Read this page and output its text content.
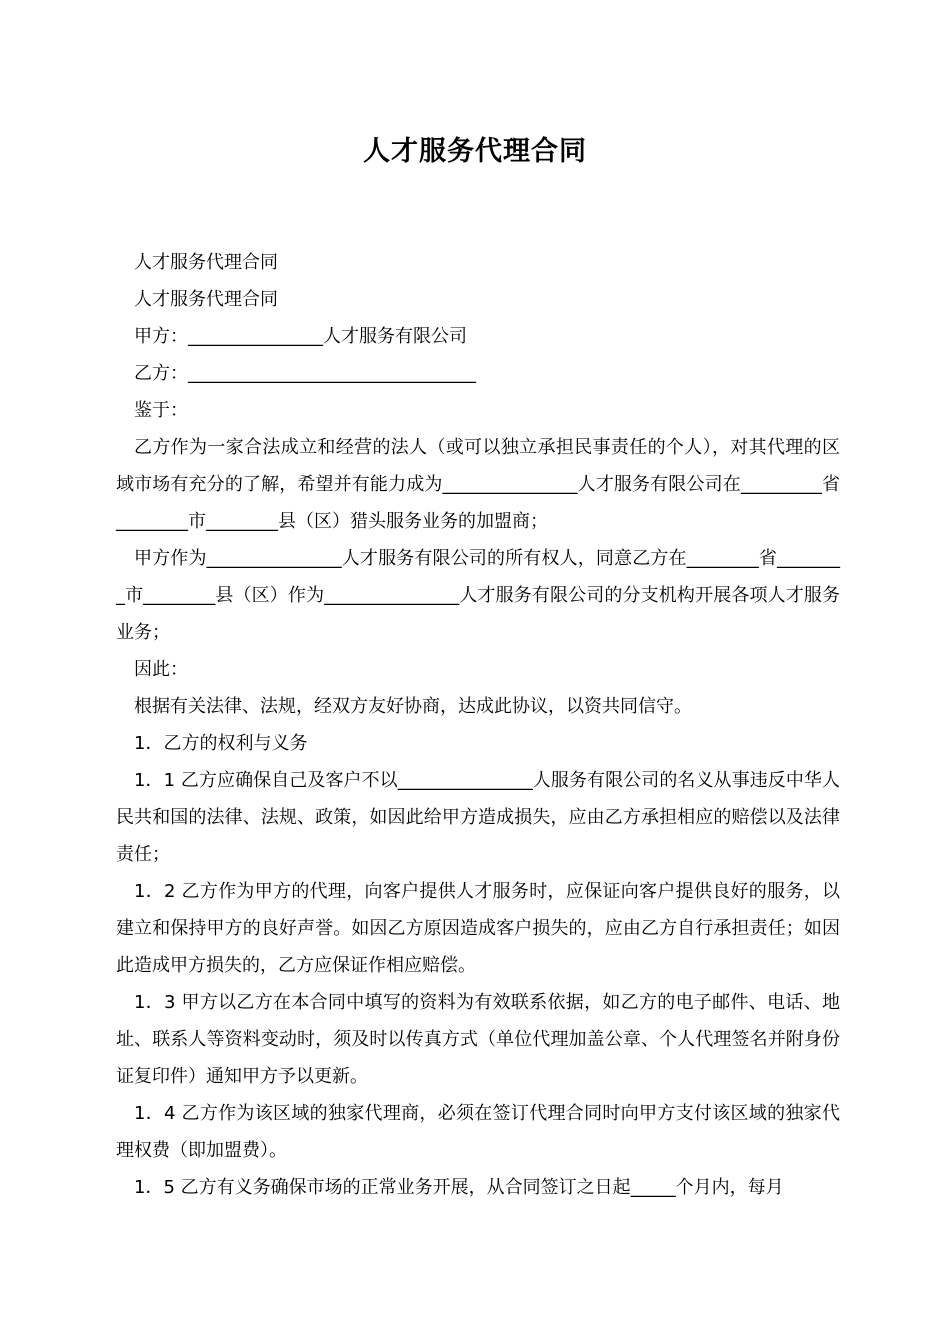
人才服务代理合同

人才服务代理合同

人才服务代理合同

甲方：_______________人才服务有限公司

乙方：________________________________

鉴于：

乙方作为一家合法成立和经营的法人（或可以独立承担民事责任的个人），对其代理的区域市场有充分的了解，希望并有能力成为_______________人才服务有限公司在_________省________市________县（区）猎头服务业务的加盟商；

甲方作为_______________人才服务有限公司的所有权人，同意乙方在________省________市________县（区）作为_______________人才服务有限公司的分支机构开展各项人才服务业务；

因此：

根据有关法律、法规，经双方友好协商，达成此协议，以资共同信守。

1．乙方的权利与义务

1．1 乙方应确保自己及客户不以_______________人服务有限公司的名义从事违反中华人民共和国的法律、法规、政策，如因此给甲方造成损失，应由乙方承担相应的赔偿以及法律责任；

1．2 乙方作为甲方的代理，向客户提供人才服务时，应保证向客户提供良好的服务，以建立和保持甲方的良好声誉。如因乙方原因造成客户损失的，应由乙方自行承担责任；如因此造成甲方损失的，乙方应保证作相应赔偿。

1．3 甲方以乙方在本合同中填写的资料为有效联系依据，如乙方的电子邮件、电话、地址、联系人等资料变动时，须及时以传真方式（单位代理加盖公章、个人代理签名并附身份证复印件）通知甲方予以更新。

1．4 乙方作为该区域的独家代理商，必须在签订代理合同时向甲方支付该区域的独家代理权费（即加盟费）。

1．5 乙方有义务确保市场的正常业务开展，从合同签订之日起_____个月内，每月
